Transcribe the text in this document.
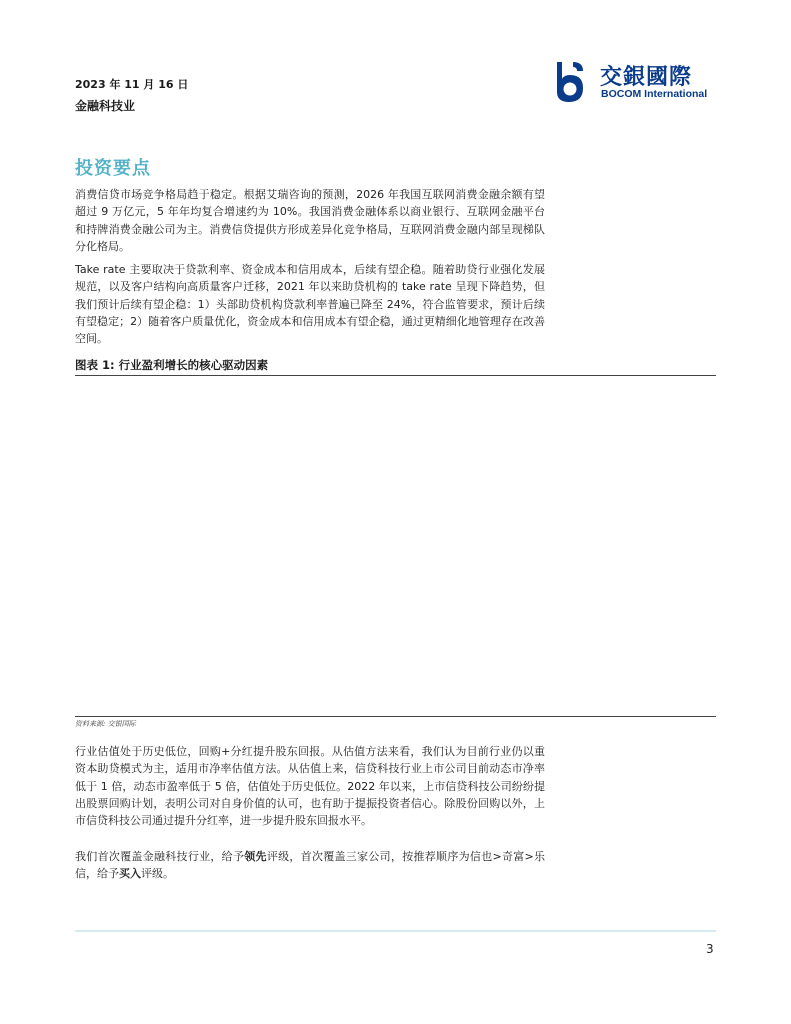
2023 年 11 月 16 日
金融科技业
交銀國際
BOCOM International
投资要点
消费信贷市场竞争格局趋于稳定。根据艾瑞咨询的预测，2026 年我国互联网消费金融余额有望超过 9 万亿元，5 年年均复合增速约为 10%。我国消费金融体系以商业银行、互联网金融平台和持牌消费金融公司为主。消费信贷提供方形成差异化竞争格局，互联网消费金融内部呈现梯队分化格局。
Take rate 主要取决于贷款利率、资金成本和信用成本，后续有望企稳。随着助贷行业强化发展规范，以及客户结构向高质量客户迁移，2021 年以来助贷机构的 take rate 呈现下降趋势，但我们预计后续有望企稳：1）头部助贷机构贷款利率普遍已降至 24%，符合监管要求，预计后续有望稳定；2）随着客户质量优化，资金成本和信用成本有望企稳，通过更精细化地管理存在改善空间。
图表 1: 行业盈利增长的核心驱动因素
资料来源: 交银国际
行业估值处于历史低位，回购+分红提升股东回报。从估值方法来看，我们认为目前行业仍以重资本助贷模式为主，适用市净率估值方法。从估值上来，信贷科技行业上市公司目前动态市净率低于 1 倍，动态市盈率低于 5 倍，估值处于历史低位。2022 年以来，上市信贷科技公司纷纷提出股票回购计划，表明公司对自身价值的认可，也有助于提振投资者信心。除股份回购以外，上市信贷科技公司通过提升分红率，进一步提升股东回报水平。
我们首次覆盖金融科技行业，给予领先评级，首次覆盖三家公司，按推荐顺序为信也>奇富>乐信，给予买入评级。
3
